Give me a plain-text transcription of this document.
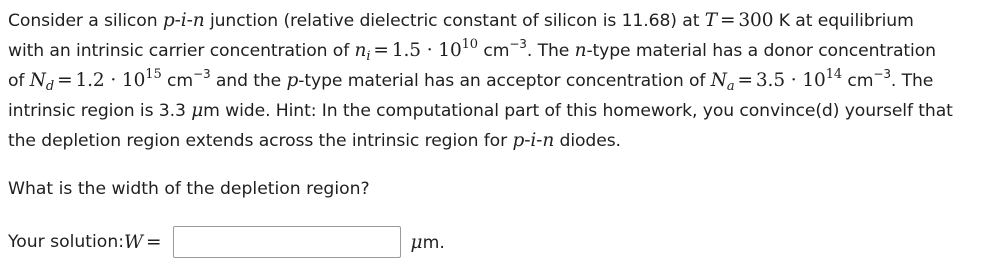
Consider a silicon p-i-n junction (relative dielectric constant of silicon is 11.68) at T = 300 K at equilibrium

with an intrinsic carrier concentration of $n_i = 1.5 \cdot 10^{10}$ $cm^{-3}$. The n-type material has a donor concentration

of $N_d = 1.2 \cdot 10^{15}$ $cm^{-3}$ and the p-type material has an acceptor concentration of $N_a = 3.5 \cdot 10^{14}$ $cm^{-3}$. The

intrinsic region is 3.3 μm wide. Hint: In the computational part of this homework, you convince(d) yourself that

the depletion region extends across the intrinsic region for p-i-n diodes.

What is the width of the depletion region?
Your solution: W =	μm.
